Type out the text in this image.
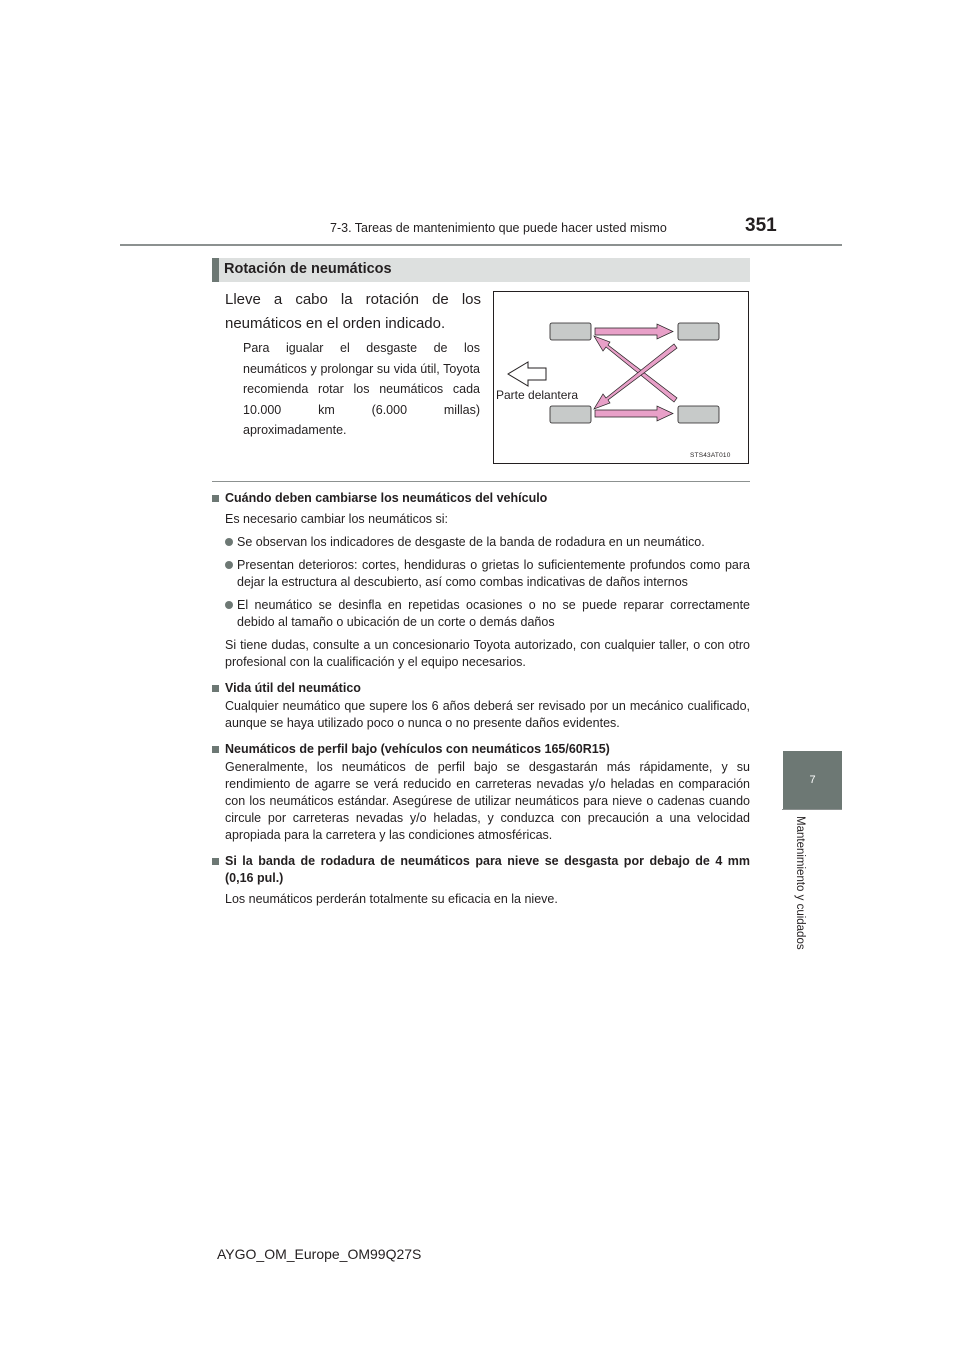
7-3. Tareas de mantenimiento que puede hacer usted mismo	351
7
Mantenimiento y cuidados
Rotación de neumáticos
Lleve a cabo la rotación de los neumáticos en el orden indicado.
Para igualar el desgaste de los neumáticos y prolongar su vida útil, Toyota recomienda rotar los neumáticos cada 10.000 km (6.000 millas) aproximadamente.
Parte delantera
STS43AT010
Cuándo deben cambiarse los neumáticos del vehículo
Es necesario cambiar los neumáticos si:
Se observan los indicadores de desgaste de la banda de rodadura en un neumático.
Presentan deterioros: cortes, hendiduras o grietas lo suficientemente profundos como para dejar la estructura al descubierto, así como combas indicativas de daños internos
El neumático se desinfla en repetidas ocasiones o no se puede reparar correctamente debido al tamaño o ubicación de un corte o demás daños
Si tiene dudas, consulte a un concesionario Toyota autorizado, con cualquier taller, o con otro profesional con la cualificación y el equipo necesarios.
Vida útil del neumático
Cualquier neumático que supere los 6 años deberá ser revisado por un mecánico cualificado, aunque se haya utilizado poco o nunca o no presente daños evidentes.
Neumáticos de perfil bajo (vehículos con neumáticos 165/60R15)
Generalmente, los neumáticos de perfil bajo se desgastarán más rápidamente, y su rendimiento de agarre se verá reducido en carreteras nevadas y/o heladas en comparación con los neumáticos estándar. Asegúrese de utilizar neumáticos para nieve o cadenas cuando circule por carreteras nevadas y/o heladas, y conduzca con precaución a una velocidad apropiada para la carretera y las condiciones atmosféricas.
Si la banda de rodadura de neumáticos para nieve se desgasta por debajo de 4 mm (0,16 pul.)
Los neumáticos perderán totalmente su eficacia en la nieve.
AYGO_OM_Europe_OM99Q27S
